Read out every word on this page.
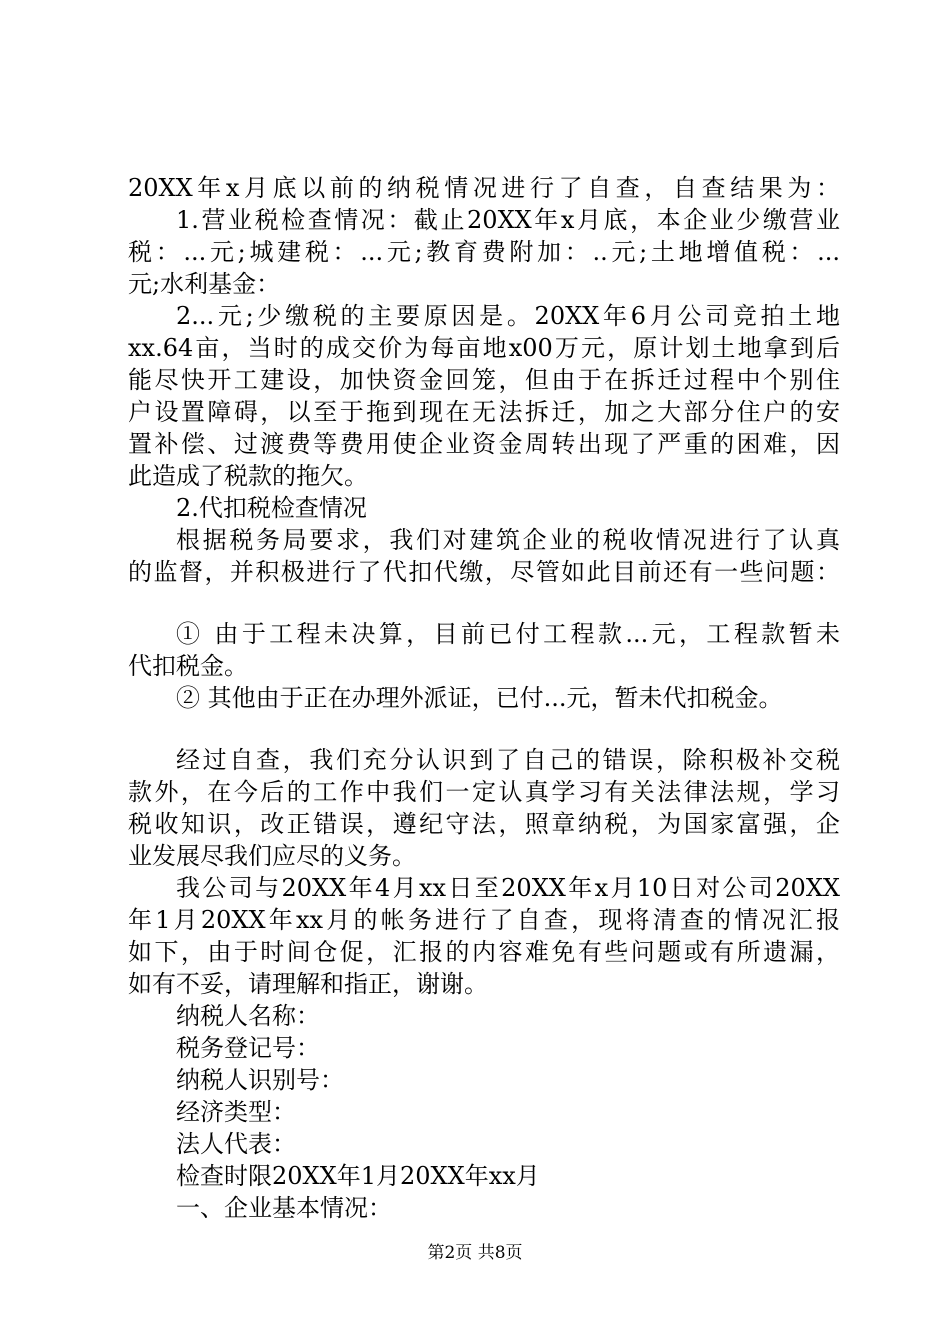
20XX年x月底以前的纳税情况进行了自查，自查结果为：
1.营业税检查情况：截止20XX年x月底，本企业少缴营业
税：...元;城建税：...元;教育费附加：..元;土地增值税：...
元;水利基金：
2...元;少缴税的主要原因是。20XX年6月公司竞拍土地
xx.64亩，当时的成交价为每亩地x00万元，原计划土地拿到后
能尽快开工建设，加快资金回笼，但由于在拆迁过程中个别住
户设置障碍，以至于拖到现在无法拆迁，加之大部分住户的安
置补偿、过渡费等费用使企业资金周转出现了严重的困难，因
此造成了税款的拖欠。
2.代扣税检查情况
根据税务局要求，我们对建筑企业的税收情况进行了认真
的监督，并积极进行了代扣代缴，尽管如此目前还有一些问题：
① 由于工程未决算，目前已付工程款...元，工程款暂未
代扣税金。
② 其他由于正在办理外派证，已付...元，暂未代扣税金。
经过自查，我们充分认识到了自己的错误，除积极补交税
款外，在今后的工作中我们一定认真学习有关法律法规，学习
税收知识，改正错误，遵纪守法，照章纳税，为国家富强，企
业发展尽我们应尽的义务。
我公司与20XX年4月xx日至20XX年x月10日对公司20XX
年1月20XX年xx月的帐务进行了自查，现将清查的情况汇报
如下，由于时间仓促，汇报的内容难免有些问题或有所遗漏，
如有不妥，请理解和指正，谢谢。
纳税人名称：
税务登记号：
纳税人识别号：
经济类型：
法人代表：
检查时限20XX年1月20XX年xx月
一、企业基本情况：
第2页 共8页
